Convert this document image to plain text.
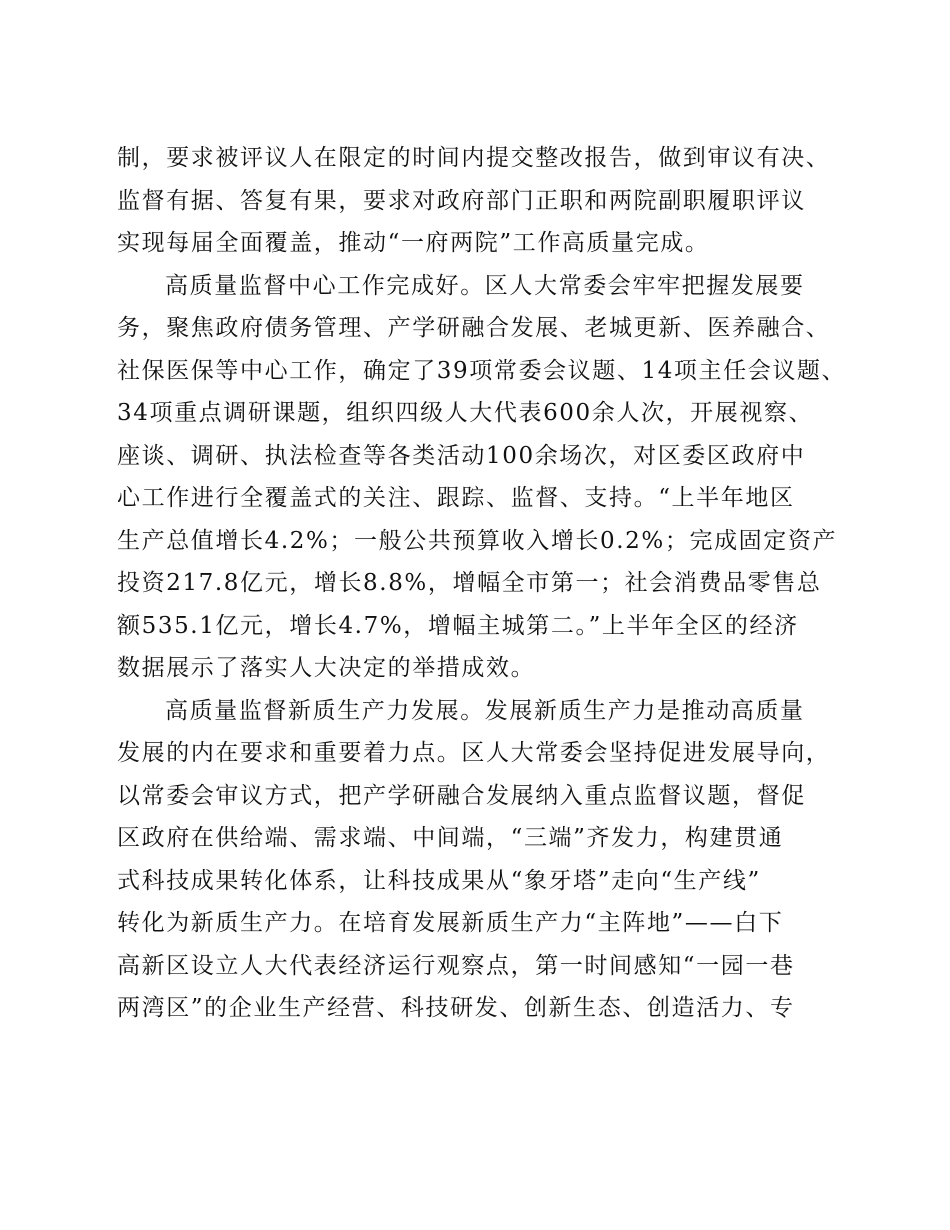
制，要求被评议人在限定的时间内提交整改报告，做到审议有决、
监督有据、答复有果，要求对政府部门正职和两院副职履职评议
实现每届全面覆盖，推动“一府两院”工作高质量完成。
高质量监督中心工作完成好。区人大常委会牢牢把握发展要
务，聚焦政府债务管理、产学研融合发展、老城更新、医养融合、
社保医保等中心工作，确定了39项常委会议题、14项主任会议题、
34项重点调研课题，组织四级人大代表600余人次，开展视察、
座谈、调研、执法检查等各类活动100余场次，对区委区政府中
心工作进行全覆盖式的关注、跟踪、监督、支持。“上半年地区
生产总值增长4.2%；一般公共预算收入增长0.2%；完成固定资产
投资217.8亿元，增长8.8%，增幅全市第一；社会消费品零售总
额535.1亿元，增长4.7%，增幅主城第二。”上半年全区的经济
数据展示了落实人大决定的举措成效。
高质量监督新质生产力发展。发展新质生产力是推动高质量
发展的内在要求和重要着力点。区人大常委会坚持促进发展导向，
以常委会审议方式，把产学研融合发展纳入重点监督议题，督促
区政府在供给端、需求端、中间端，“三端”齐发力，构建贯通
式科技成果转化体系，让科技成果从“象牙塔”走向“生产线”
转化为新质生产力。在培育发展新质生产力“主阵地”——白下
高新区设立人大代表经济运行观察点，第一时间感知“一园一巷
两湾区”的企业生产经营、科技研发、创新生态、创造活力、专
